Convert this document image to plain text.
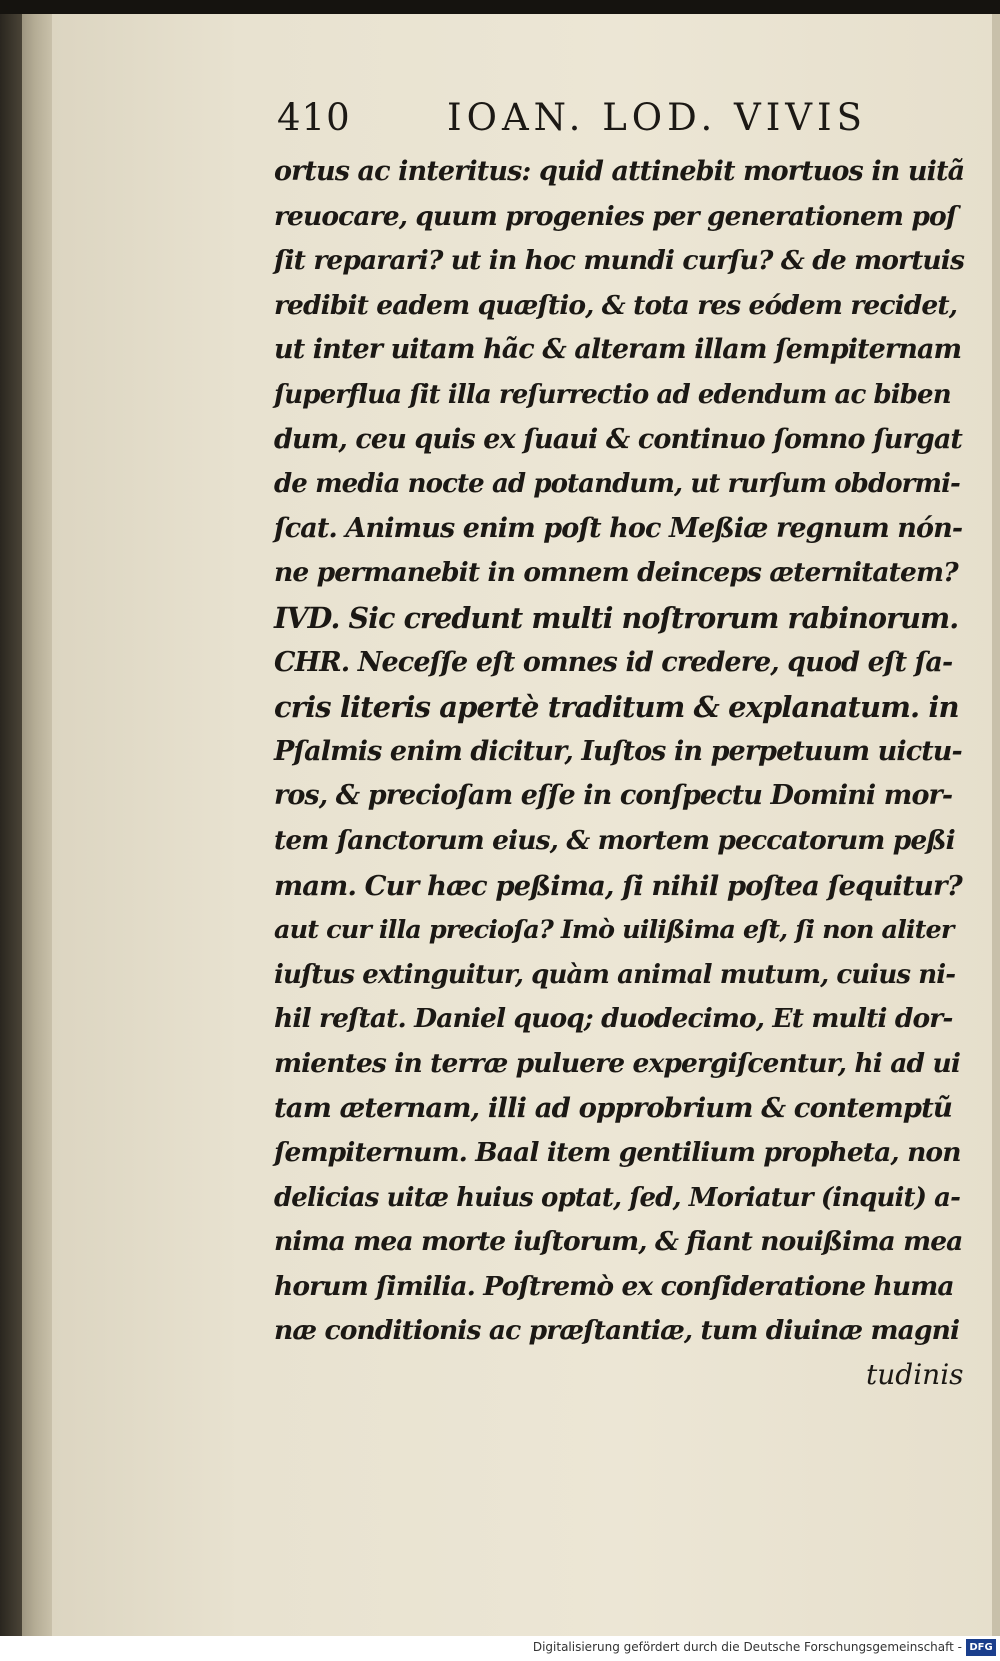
410	IOAN. LOD. VIVIS
ortus ac interitus: quid attinebit mortuos in uitã
reuocare, quum progenies per generationem poſ
ſit reparari? ut in hoc mundi curſu? & de mortuis
redibit eadem quæſtio, & tota res eódem recidet,
ut inter uitam hãc & alteram illam ſempiternam
ſuperflua ſit illa reſurrectio ad edendum ac biben
dum, ceu quis ex ſuaui & continuo ſomno ſurgat
de media nocte ad potandum, ut rurſum obdormi-
ſcat. Animus enim poſt hoc Meßiæ regnum nón-
ne permanebit in omnem deinceps æternitatem?
IVD. Sic credunt multi noſtrorum rabinorum.
CHR. Neceſſe eſt omnes id credere, quod eſt ſa-
cris literis apertè traditum & explanatum. in
Pſalmis enim dicitur, Iuſtos in perpetuum uictu-
ros, & precioſam eſſe in conſpectu Domini mor-
tem ſanctorum eius, & mortem peccatorum peßi
mam. Cur hæc peßima, ſi nihil poſtea ſequitur?
aut cur illa precioſa? Imò uilißima eſt, ſi non aliter
iuſtus extinguitur, quàm animal mutum, cuius ni-
hil reſtat. Daniel quoq; duodecimo, Et multi dor-
mientes in terræ puluere expergiſcentur, hi ad ui
tam æternam, illi ad opprobrium & contemptũ
ſempiternum. Baal item gentilium propheta, non
delicias uitæ huius optat, ſed, Moriatur (inquit) a-
nima mea morte iuſtorum, & fiant nouißima mea
horum ſimilia. Poſtremò ex conſideratione huma
næ conditionis ac præſtantiæ, tum diuinæ magni
tudinis
Digitalisierung gefördert durch die Deutsche Forschungsgemeinschaft - DFG
